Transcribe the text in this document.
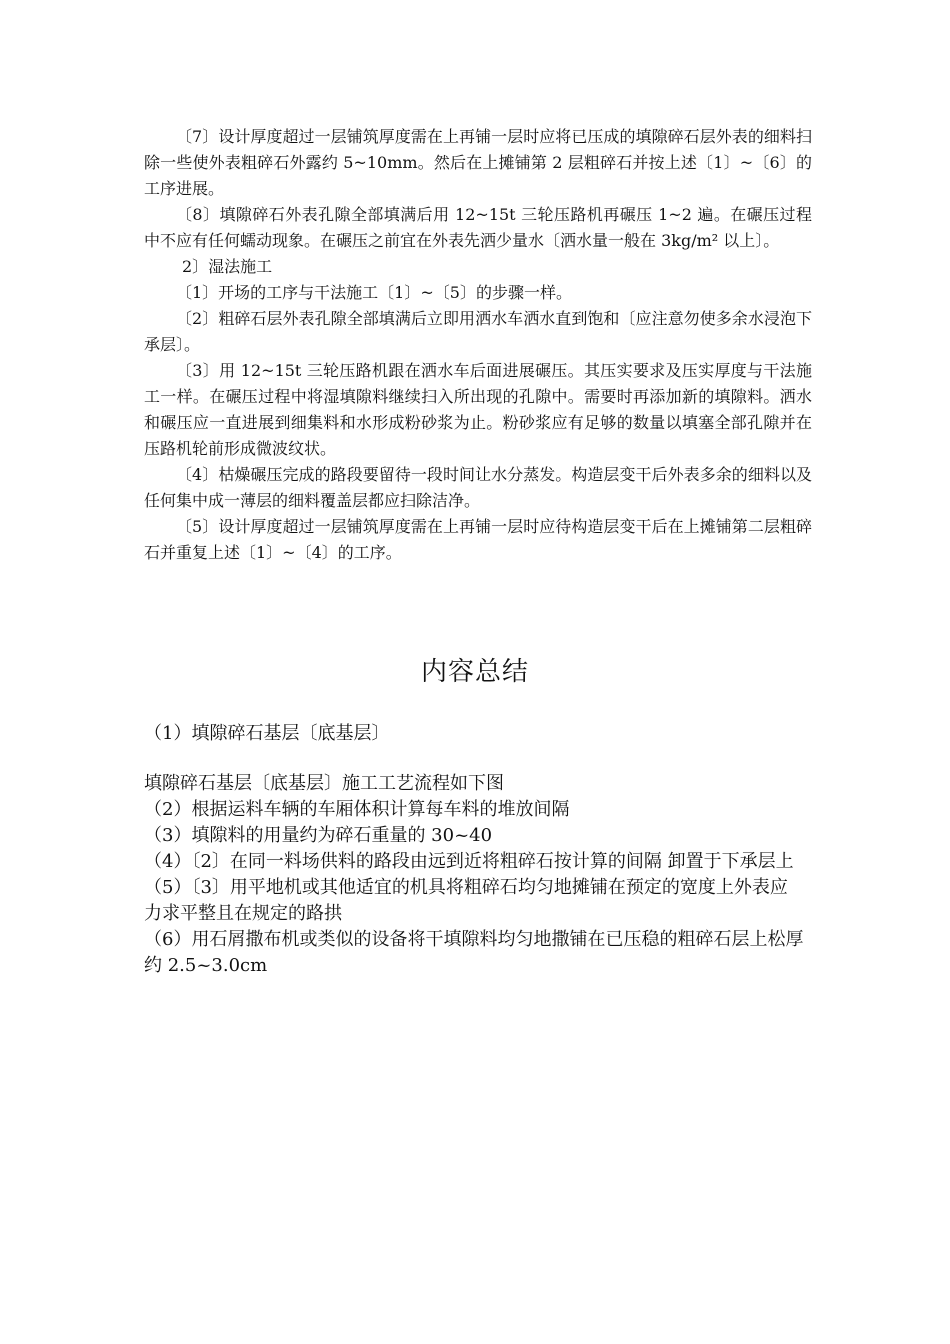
〔7〕设计厚度超过一层铺筑厚度需在上再铺一层时应将已压成的填隙碎石层外表的细料扫除一些使外表粗碎石外露约 5~10mm。然后在上摊铺第 2 层粗碎石并按上述〔1〕~〔6〕的工序进展。

〔8〕填隙碎石外表孔隙全部填满后用 12~15t 三轮压路机再碾压 1~2 遍。在碾压过程中不应有任何蠕动现象。在碾压之前宜在外表先洒少量水〔洒水量一般在 3kg/m² 以上〕。

2〕湿法施工

〔1〕开场的工序与干法施工〔1〕~〔5〕的步骤一样。

〔2〕粗碎石层外表孔隙全部填满后立即用洒水车洒水直到饱和〔应注意勿使多余水浸泡下承层〕。

〔3〕用 12~15t 三轮压路机跟在洒水车后面进展碾压。其压实要求及压实厚度与干法施工一样。在碾压过程中将湿填隙料继续扫入所出现的孔隙中。需要时再添加新的填隙料。洒水和碾压应一直进展到细集料和水形成粉砂浆为止。粉砂浆应有足够的数量以填塞全部孔隙并在压路机轮前形成微波纹状。

〔4〕枯燥碾压完成的路段要留待一段时间让水分蒸发。构造层变干后外表多余的细料以及任何集中成一薄层的细料覆盖层都应扫除洁净。

〔5〕设计厚度超过一层铺筑厚度需在上再铺一层时应待构造层变干后在上摊铺第二层粗碎石并重复上述〔1〕~〔4〕的工序。

内容总结
（1）填隙碎石基层〔底基层〕
填隙碎石基层〔底基层〕施工工艺流程如下图
（2）根据运料车辆的车厢体积计算每车料的堆放间隔
（3）填隙料的用量约为碎石重量的 30~40
（4）〔2〕在同一料场供料的路段由远到近将粗碎石按计算的间隔 卸置于下承层上
（5）〔3〕用平地机或其他适宜的机具将粗碎石均匀地摊铺在预定的宽度上外表应力求平整且在规定的路拱
（6）用石屑撒布机或类似的设备将干填隙料均匀地撒铺在已压稳的粗碎石层上松厚约 2.5~3.0cm
